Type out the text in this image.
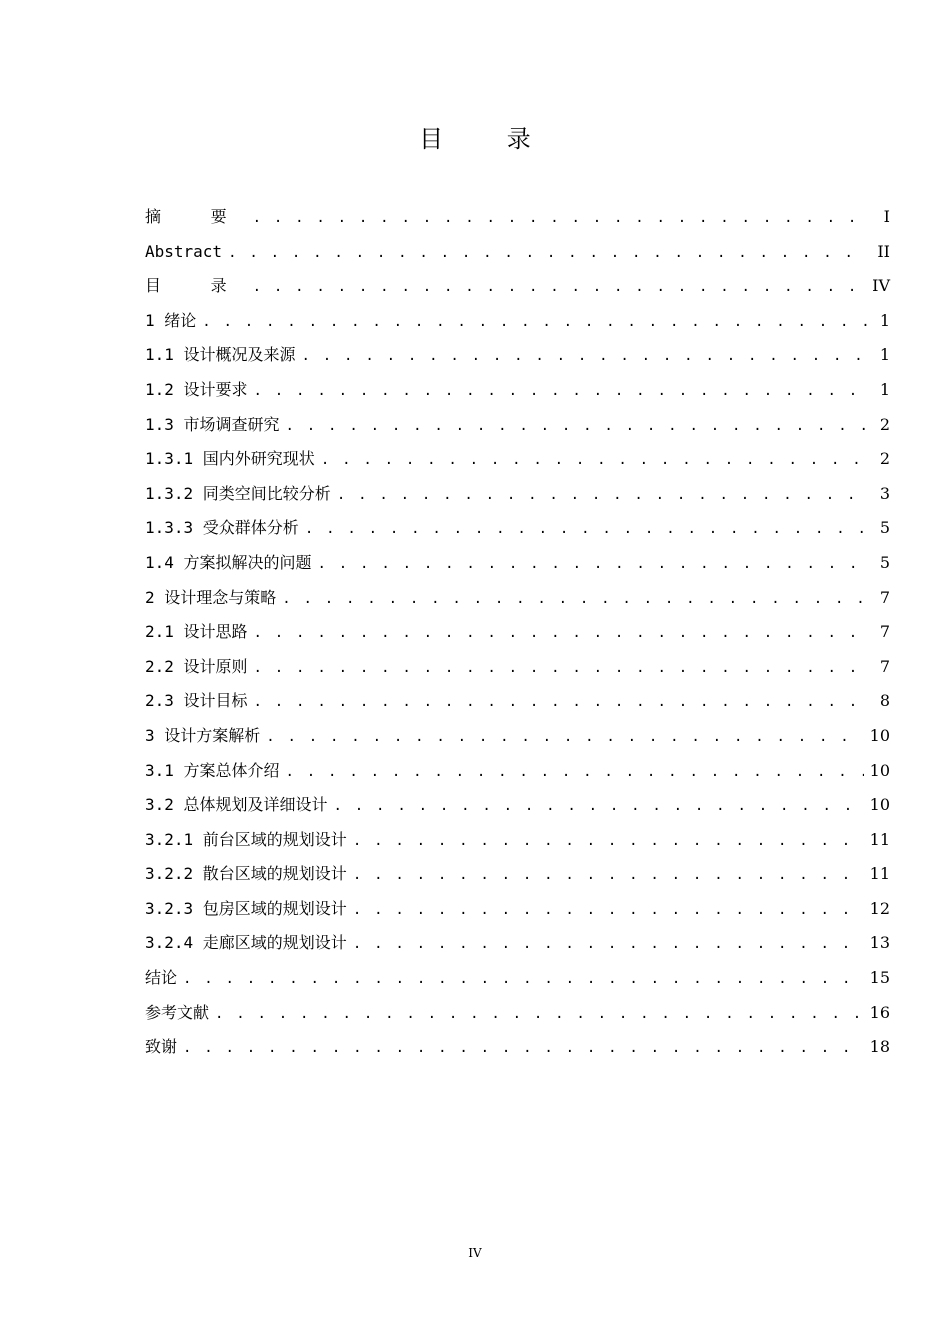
目 录
摘 要 . . .	I
Abstract . . .	II
目 录 . . .	IV
1 绪论 . . .	1
1.1 设计概况及来源 . . .	1
1.2 设计要求 . . .	1
1.3 市场调查研究 . . .	2
1.3.1 国内外研究现状 . . .	2
1.3.2 同类空间比较分析 . . .	3
1.3.3 受众群体分析 . . .	5
1.4 方案拟解决的问题 . . .	5
2 设计理念与策略 . . .	7
2.1 设计思路 . . .	7
2.2 设计原则 . . .	7
2.3 设计目标 . . .	8
3 设计方案解析 . . .	10
3.1 方案总体介绍 . . .	10
3.2 总体规划及详细设计 . . .	10
3.2.1 前台区域的规划设计 . . .	11
3.2.2 散台区域的规划设计 . . .	11
3.2.3 包房区域的规划设计 . . .	12
3.2.4 走廊区域的规划设计 . . .	13
结论 . . .	15
参考文献 . . .	16
致谢 . . .	18
IV
